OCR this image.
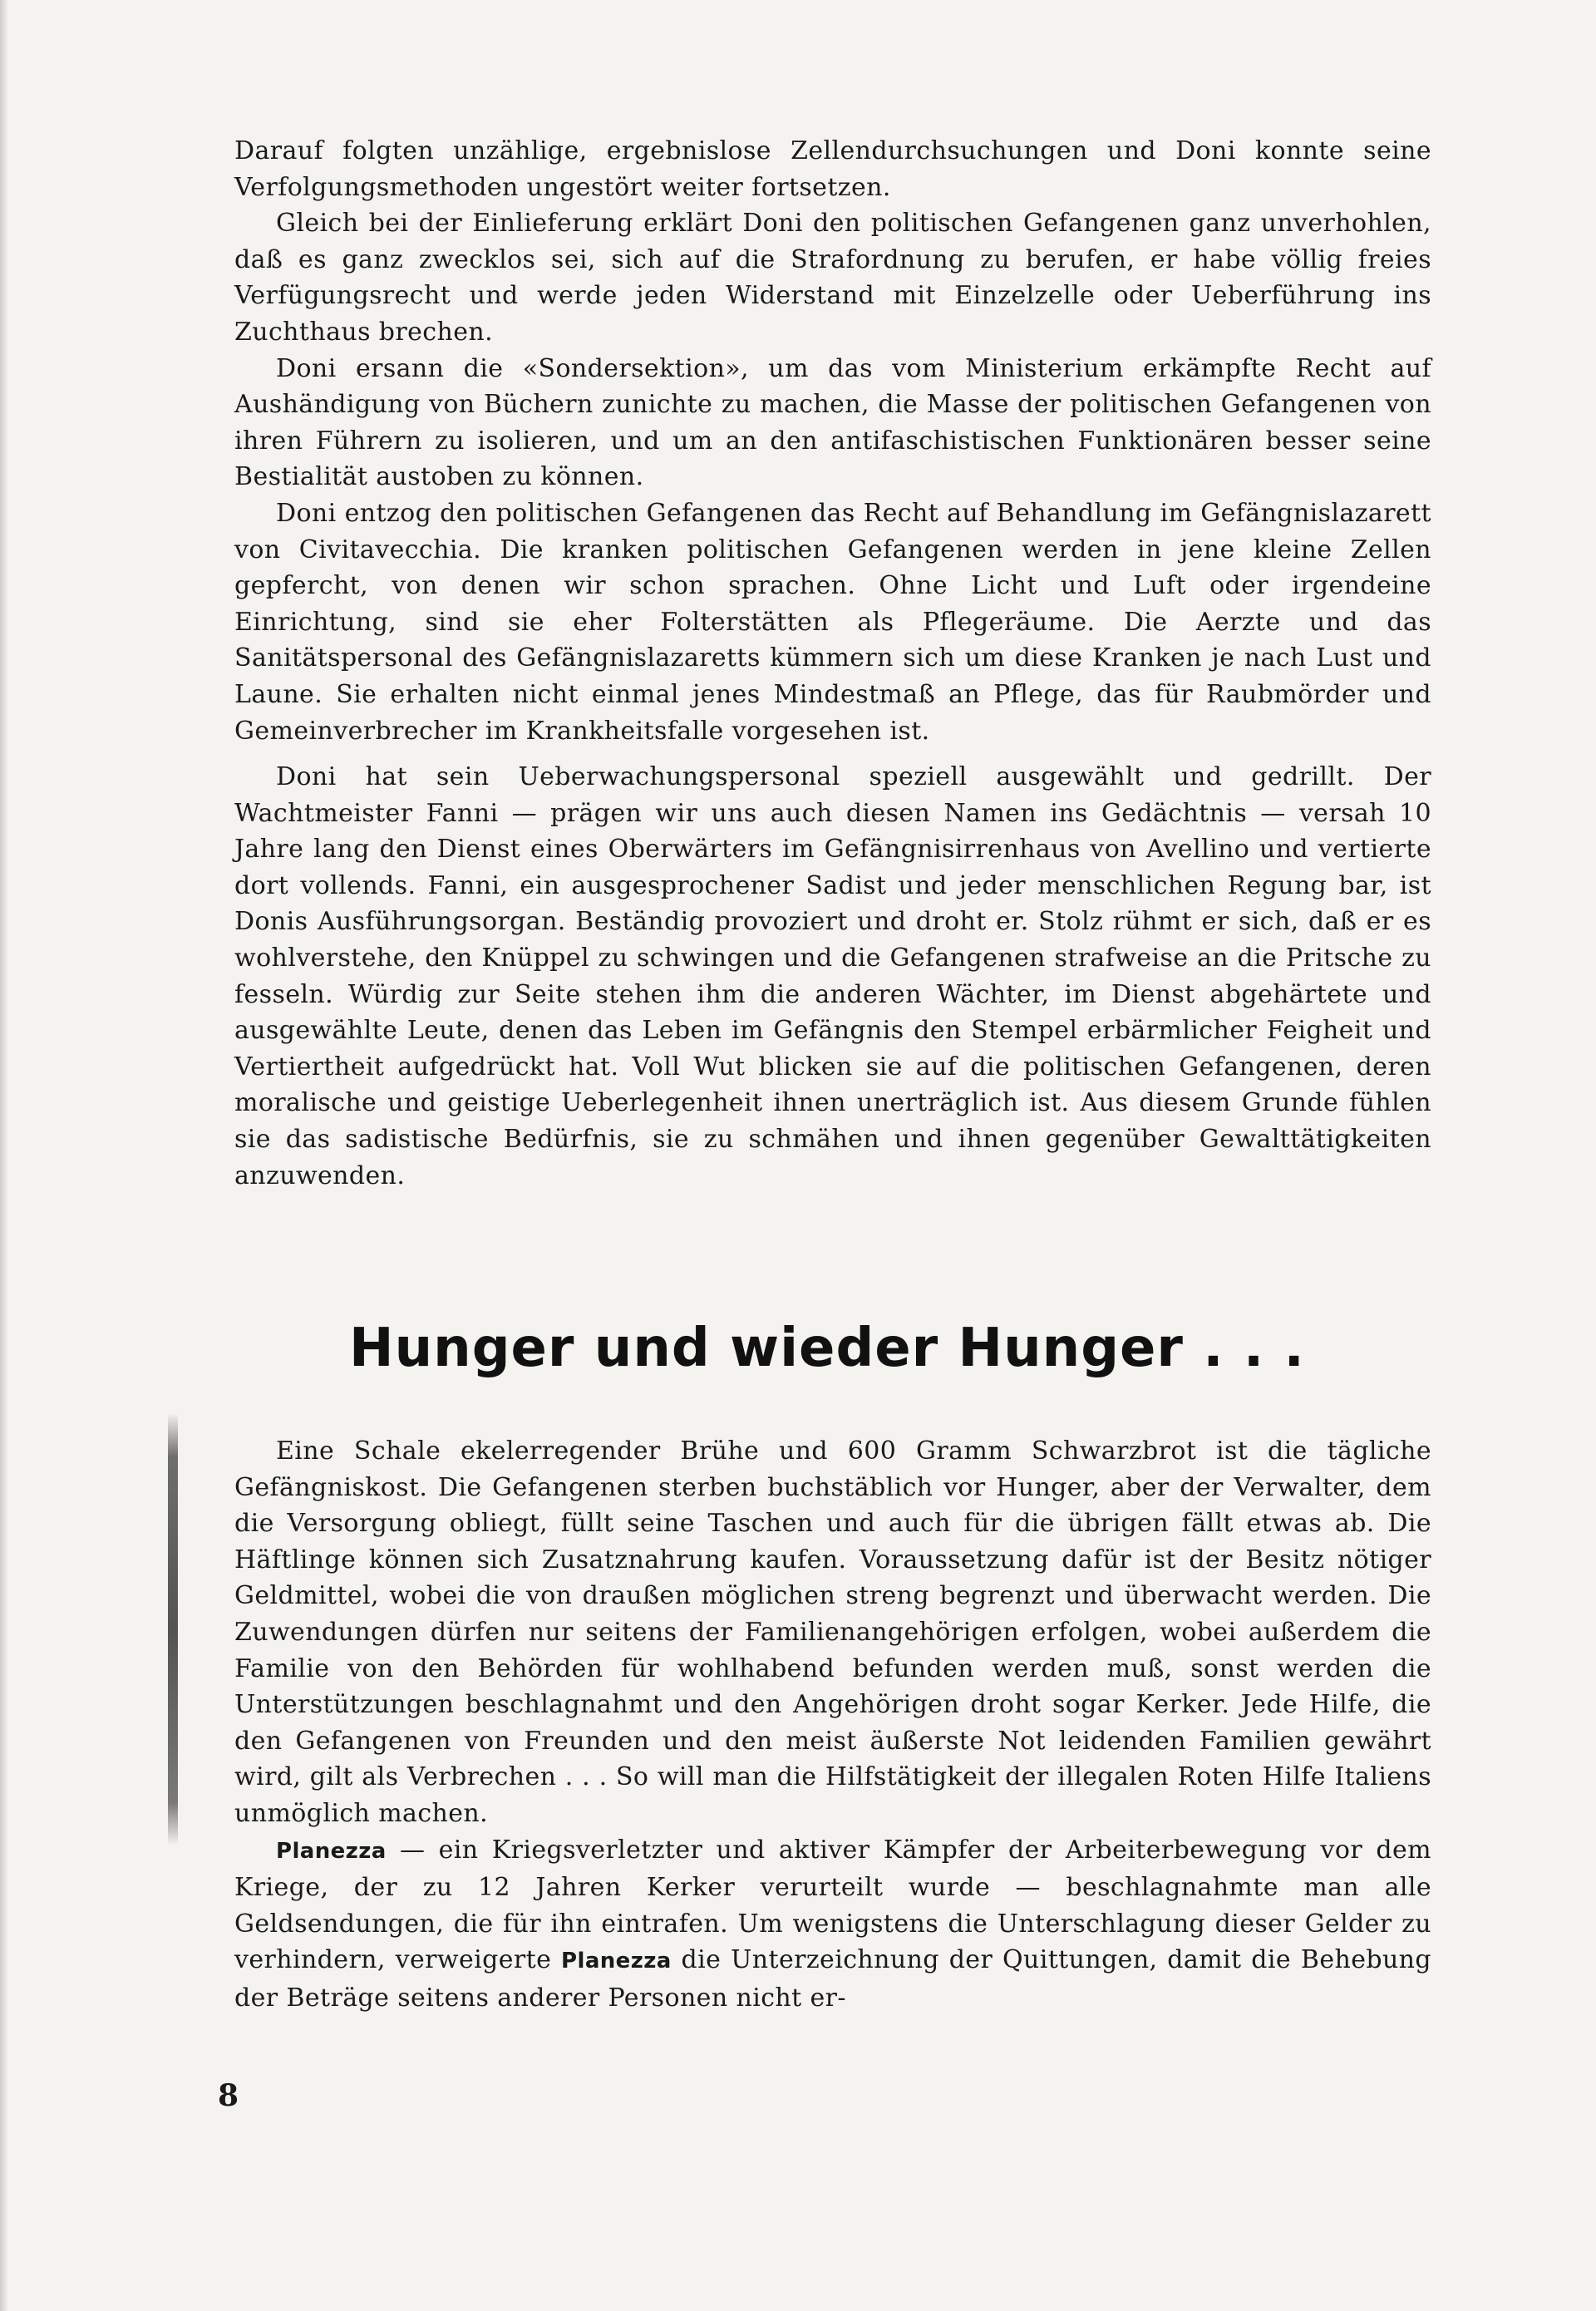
Darauf folgten unzählige, ergebnislose Zellendurchsuchungen und Doni konnte seine Verfolgungsmethoden ungestört weiter fortsetzen.

Gleich bei der Einlieferung erklärt Doni den politischen Gefangenen ganz unverhohlen, daß es ganz zwecklos sei, sich auf die Strafordnung zu berufen, er habe völlig freies Verfügungsrecht und werde jeden Widerstand mit Einzelzelle oder Ueberführung ins Zuchthaus brechen.

Doni ersann die «Sondersektion», um das vom Ministerium erkämpfte Recht auf Aushändigung von Büchern zunichte zu machen, die Masse der politischen Gefangenen von ihren Führern zu isolieren, und um an den antifaschistischen Funktionären besser seine Bestialität austoben zu können.

Doni entzog den politischen Gefangenen das Recht auf Behandlung im Gefängnislazarett von Civitavecchia. Die kranken politischen Gefangenen werden in jene kleine Zellen gepfercht, von denen wir schon sprachen. Ohne Licht und Luft oder irgendeine Einrichtung, sind sie eher Folterstätten als Pflegeräume. Die Aerzte und das Sanitätspersonal des Gefängnislazaretts kümmern sich um diese Kranken je nach Lust und Laune. Sie erhalten nicht einmal jenes Mindestmaß an Pflege, das für Raubmörder und Gemeinverbrecher im Krankheitsfalle vorgesehen ist.

Doni hat sein Ueberwachungspersonal speziell ausgewählt und gedrillt. Der Wachtmeister Fanni — prägen wir uns auch diesen Namen ins Gedächtnis — versah 10 Jahre lang den Dienst eines Oberwärters im Gefängnisirrenhaus von Avellino und vertierte dort vollends. Fanni, ein ausgesprochener Sadist und jeder menschlichen Regung bar, ist Donis Ausführungsorgan. Beständig provoziert und droht er. Stolz rühmt er sich, daß er es wohlverstehe, den Knüppel zu schwingen und die Gefangenen strafweise an die Pritsche zu fesseln. Würdig zur Seite stehen ihm die anderen Wächter, im Dienst abgehärtete und ausgewählte Leute, denen das Leben im Gefängnis den Stempel erbärmlicher Feigheit und Vertiertheit aufgedrückt hat. Voll Wut blicken sie auf die politischen Gefangenen, deren moralische und geistige Ueberlegenheit ihnen unerträglich ist. Aus diesem Grunde fühlen sie das sadistische Bedürfnis, sie zu schmähen und ihnen gegenüber Gewalttätigkeiten anzuwenden.

Hunger und wieder Hunger . . .

Eine Schale ekelerregender Brühe und 600 Gramm Schwarzbrot ist die tägliche Gefängniskost. Die Gefangenen sterben buchstäblich vor Hunger, aber der Verwalter, dem die Versorgung obliegt, füllt seine Taschen und auch für die übrigen fällt etwas ab. Die Häftlinge können sich Zusatznahrung kaufen. Voraussetzung dafür ist der Besitz nötiger Geldmittel, wobei die von draußen möglichen streng begrenzt und überwacht werden. Die Zuwendungen dürfen nur seitens der Familienangehörigen erfolgen, wobei außerdem die Familie von den Behörden für wohlhabend befunden werden muß, sonst werden die Unterstützungen beschlagnahmt und den Angehörigen droht sogar Kerker. Jede Hilfe, die den Gefangenen von Freunden und den meist äußerste Not leidenden Familien gewährt wird, gilt als Verbrechen . . . So will man die Hilfstätigkeit der illegalen Roten Hilfe Italiens unmöglich machen.

Planezza — ein Kriegsverletzter und aktiver Kämpfer der Arbeiterbewegung vor dem Kriege, der zu 12 Jahren Kerker verurteilt wurde — beschlagnahmte man alle Geldsendungen, die für ihn eintrafen. Um wenigstens die Unterschlagung dieser Gelder zu verhindern, verweigerte Planezza die Unterzeichnung der Quittungen, damit die Behebung der Beträge seitens anderer Personen nicht er-

8
